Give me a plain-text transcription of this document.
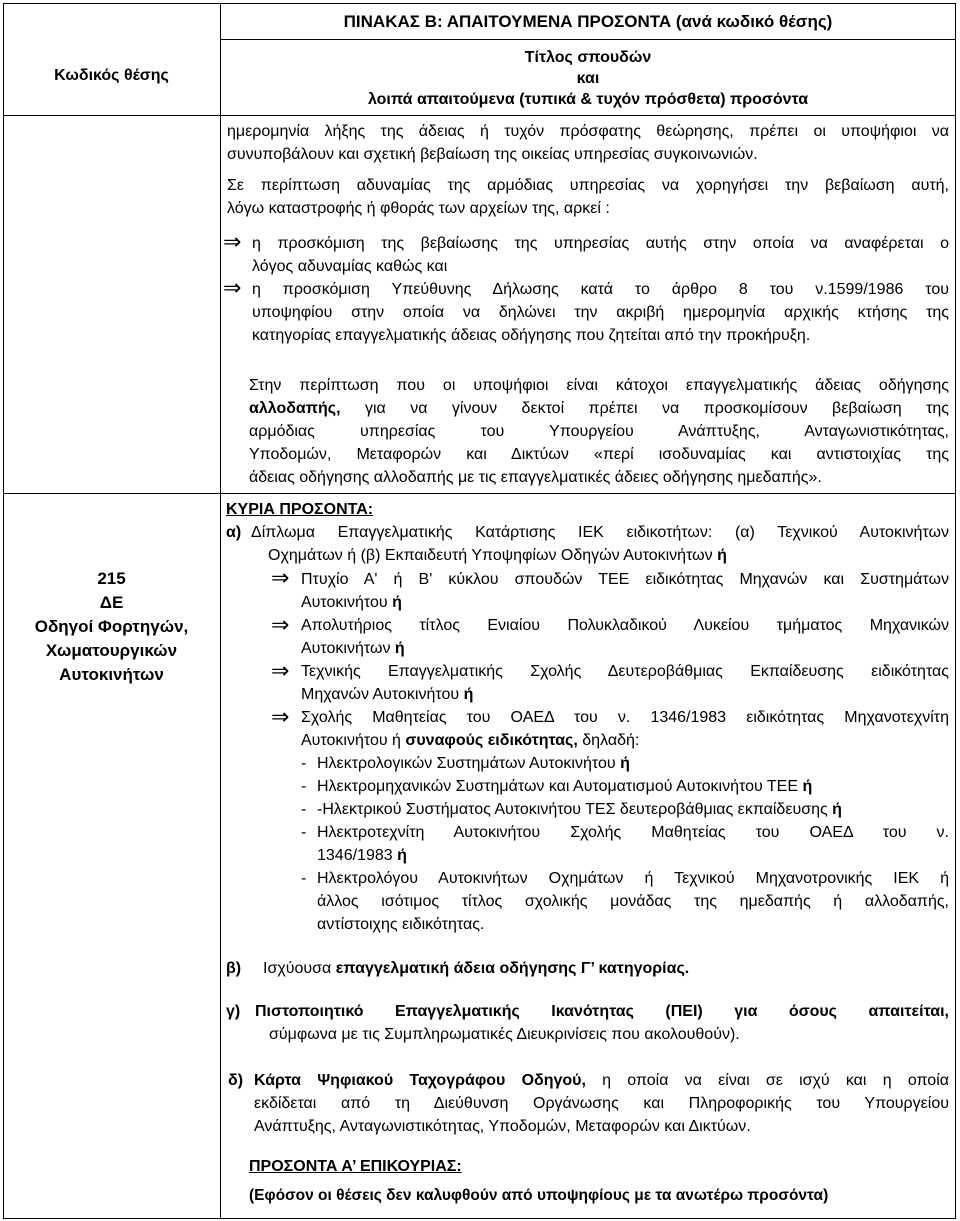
ΠΙΝΑΚΑΣ Β: ΑΠΑΙΤΟΥΜΕΝΑ ΠΡΟΣΟΝΤΑ (ανά κωδικό θέσης)
Κωδικός θέσης
Τίτλος σπουδών
και
λοιπά απαιτούμενα (τυπικά & τυχόν πρόσθετα) προσόντα
ημερομηνία λήξης της άδειας ή τυχόν πρόσφατης θεώρησης, πρέπει οι υποψήφιοι να
συνυποβάλουν και σχετική βεβαίωση της οικείας υπηρεσίας συγκοινωνιών.
Σε περίπτωση αδυναμίας της αρμόδιας υπηρεσίας να χορηγήσει την βεβαίωση αυτή,
λόγω καταστροφής ή φθοράς των αρχείων της, αρκεί :
⇒ η προσκόμιση της βεβαίωσης της υπηρεσίας αυτής στην οποία να αναφέρεται ο
λόγος αδυναμίας καθώς και
⇒ η προσκόμιση Υπεύθυνης Δήλωσης κατά το άρθρο 8 του ν.1599/1986 του
υποψηφίου στην οποία να δηλώνει την ακριβή ημερομηνία αρχικής κτήσης της
κατηγορίας επαγγελματικής άδειας οδήγησης που ζητείται από την προκήρυξη.
Στην περίπτωση που οι υποψήφιοι είναι κάτοχοι επαγγελματικής άδειας οδήγησης
αλλοδαπής, για να γίνουν δεκτοί πρέπει να προσκομίσουν βεβαίωση της
αρμόδιας υπηρεσίας του Υπουργείου Ανάπτυξης, Ανταγωνιστικότητας,
Υποδομών, Μεταφορών και Δικτύων «περί ισοδυναμίας και αντιστοιχίας της
άδειας οδήγησης αλλοδαπής με τις επαγγελματικές άδειες οδήγησης ημεδαπής».
215
ΔΕ
Οδηγοί Φορτηγών,
Χωματουργικών
Αυτοκινήτων
ΚΥΡΙΑ ΠΡΟΣΟΝΤΑ:
α) Δίπλωμα Επαγγελματικής Κατάρτισης ΙΕΚ ειδικοτήτων: (α) Τεχνικού Αυτοκινήτων
Οχημάτων ή (β) Εκπαιδευτή Υποψηφίων Οδηγών Αυτοκινήτων ή
⇒ Πτυχίο Α' ή Β' κύκλου σπουδών ΤΕΕ ειδικότητας Μηχανών και Συστημάτων
Αυτοκινήτου ή
⇒ Απολυτήριος τίτλος Ενιαίου Πολυκλαδικού Λυκείου τμήματος Μηχανικών
Αυτοκινήτων ή
⇒ Τεχνικής Επαγγελματικής Σχολής Δευτεροβάθμιας Εκπαίδευσης ειδικότητας
Μηχανών Αυτοκινήτου ή
⇒ Σχολής Μαθητείας του ΟΑΕΔ του ν. 1346/1983 ειδικότητας Μηχανοτεχνίτη
Αυτοκινήτου ή συναφούς ειδικότητας, δηλαδή:
- Ηλεκτρολογικών Συστημάτων Αυτοκινήτου ή
- Ηλεκτρομηχανικών Συστημάτων και Αυτοματισμού Αυτοκινήτου ΤΕΕ ή
- -Ηλεκτρικού Συστήματος Αυτοκινήτου ΤΕΣ δευτεροβάθμιας εκπαίδευσης ή
- Ηλεκτροτεχνίτη Αυτοκινήτου Σχολής Μαθητείας του ΟΑΕΔ του ν.
1346/1983 ή
- Ηλεκτρολόγου Αυτοκινήτων Οχημάτων ή Τεχνικού Μηχανοτρονικής ΙΕΚ ή
άλλος ισότιμος τίτλος σχολικής μονάδας της ημεδαπής ή αλλοδαπής,
αντίστοιχης ειδικότητας.
β) Ισχύουσα επαγγελματική άδεια οδήγησης Γ’ κατηγορίας.
γ) Πιστοποιητικό Επαγγελματικής Ικανότητας (ΠΕΙ) για όσους απαιτείται,
σύμφωνα με τις Συμπληρωματικές Διευκρινίσεις που ακολουθούν).
δ) Κάρτα Ψηφιακού Ταχογράφου Οδηγού, η οποία να είναι σε ισχύ και η οποία
εκδίδεται από τη Διεύθυνση Οργάνωσης και Πληροφορικής του Υπουργείου
Ανάπτυξης, Ανταγωνιστικότητας, Υποδομών, Μεταφορών και Δικτύων.
ΠΡΟΣΟΝΤΑ Α’ ΕΠΙΚΟΥΡΙΑΣ:
(Εφόσον οι θέσεις δεν καλυφθούν από υποψηφίους με τα ανωτέρω προσόντα)
